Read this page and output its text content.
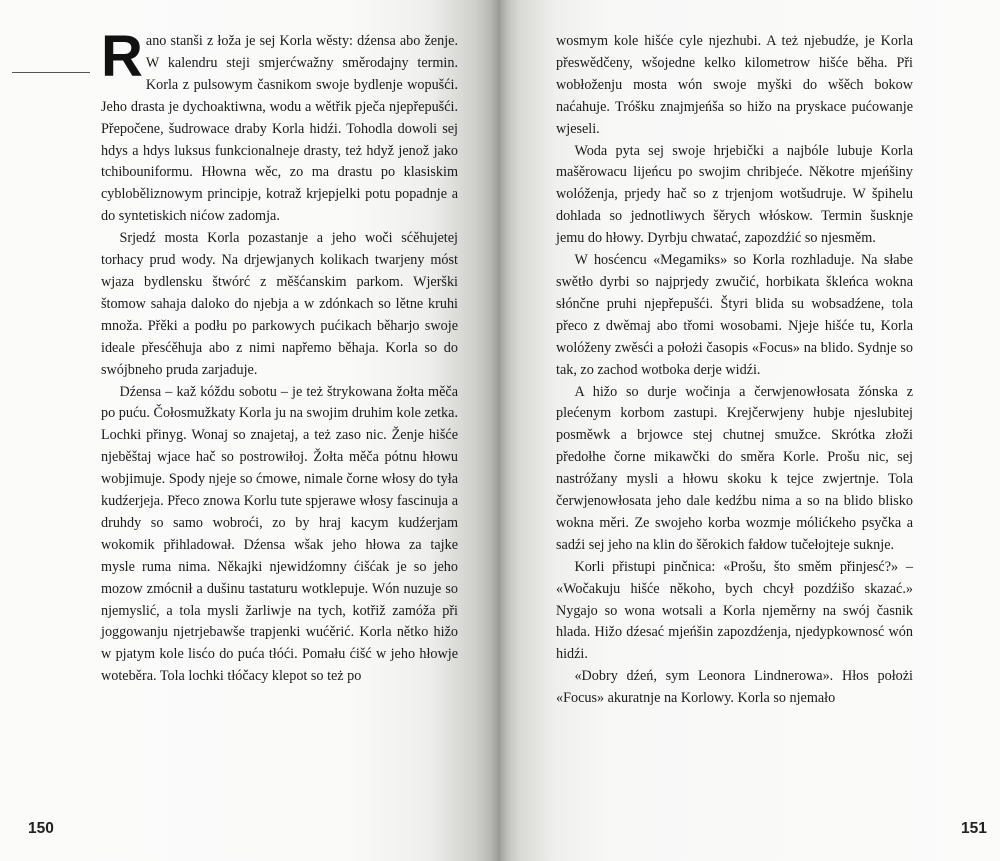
Rano stanši z łoža je sej Korla wěsty: dźensa abo ženje. W kalendru steji smjerćwažny směrodajny termin. Korla z pulsowym časnikom swoje bydlenje wopušći. Jeho drasta je dychoaktiwna, wodu a wětřik pječa njepřepušći. Přepočene, šudrowace draby Korla hidźi. Tohodla dowoli sej hdys a hdys luksus funkcionalneje drasty, też hdyž jenož jako tchibouniformu. Hłowna wěc, zo ma drastu po klasiskim cybloběliznowym principje, kotraž krjepjelki potu popadnje a do syntetiskich nićow zadomja.

Srjedź mosta Korla pozastanje a jeho woči sćěhujetej torhacy prud wody. Na drjewjanych kolikach twarjeny móst wjaza bydlensku štwórć z měšćanskim parkom. Wjerški štomow sahaja daloko do njebja a w zdónkach so lětne kruhi množa. Přěki a podłu po parkowych pućikach běharjo swoje ideale přesćěhuja abo z nimi napřemo běhaja. Korla so do swójbneho pruda zarjaduje.

Dźensa – kaž kóždu sobotu – je też štrykowana žołta měča po puću. Čołosmužkaty Korla ju na swojim druhim kole zetka. Lochki přinyg. Wonaj so znajetaj, a też zaso nic. Ženje hišće njeběštaj wjace hač so postrowiłoj. Žołta měča pótnu hłowu wobjimuje. Spody njeje so ćmowe, nimale čorne włosy do tyła kudźerjeja. Přeco znowa Korlu tute spjerawe włosy fascinuja a druhdy so samo wobroći, zo by hraj kacym kudźerjam wokomik přihladował. Dźensa wšak jeho hłowa za tajke mysle ruma nima. Někajki njewidźomny ćišćak je so jeho mozow zmócnił a dušinu tastaturu wotklepuje. Wón nuzuje so njemyslić, a tola mysli žarliwje na tych, kotřiž zamóža při joggowanju njetrjebawše trapjenki wućěrić. Korla nětko hižo w pjatym kole lisćo do puća tłóći. Pomału ćišć w jeho hłowje woteběra. Tola lochki tłóčacy klepot so też po

150

wosmym kole hišće cyle njezhubi. A też njebudźe, je Korla přeswědčeny, wšojedne kelko kilometrow hišće běha. Při wobłoženju mosta wón swoje myški do wšěch bokow naćahuje. Tróšku znajmjeńša so hižo na pryskace pućowanje wjeseli.

Woda pyta sej swoje hrjebički a najbóle lubuje Korla mašěrowacu lijeńcu po swojim chribjeće. Někotre mjeńšiny wolóženja, prjedy hač so z trjenjom wotšudruje. W špihelu dohlada so jednotliwych šěrych włóskow. Termin šusknje jemu do hłowy. Dyrbju chwatać, zapozdźić so njesměm.

W hosćencu «Megamiks» so Korla rozhladuje. Na słabe swětło dyrbi so najprjedy zwučić, horbikata škleńca wokna słónčne pruhi njepřepušći. Štyri blida su wobsadźene, tola přeco z dwěmaj abo třomi wosobami. Njeje hišće tu, Korla wolóženy zwěsći a położi časopis «Focus» na blido. Sydnje so tak, zo zachod wotboka derje widźi.

A hižo so durje wočinja a čerwjenowłosata žónska z plećenym korbom zastupi. Krejčerwjeny hubje njeslubitej posměwk a brjowce stej chutnej smužce. Skrótka złoži předołhe čorne mikawčki do směra Korle. Prošu nic, sej nastróžany mysli a hłowu skoku k tejce zwjertnje. Tola čerwjenowłosata jeho dale kedźbu nima a so na blido blisko wokna měri. Ze swojeho korba wozmje mólićkeho psyčka a sadźi sej jeho na klin do šěrokich fałdow tučełojteje suknje.

Korli přistupi pinčnica: «Prošu, što směm přinjesć?» – «Wočakuju hišće někoho, bych chcył pozdźišo skazać.» Nygajo so wona wotsali a Korla njeměrny na swój časnik hlada. Hižo dźesać mjeńšin zapozdźenja, njedypkownosć wón hidźi.

«Dobry dźeń, sym Leonora Lindnerowa». Hłos położi «Focus» akuratnje na Korlowy. Korla so njemało

151
